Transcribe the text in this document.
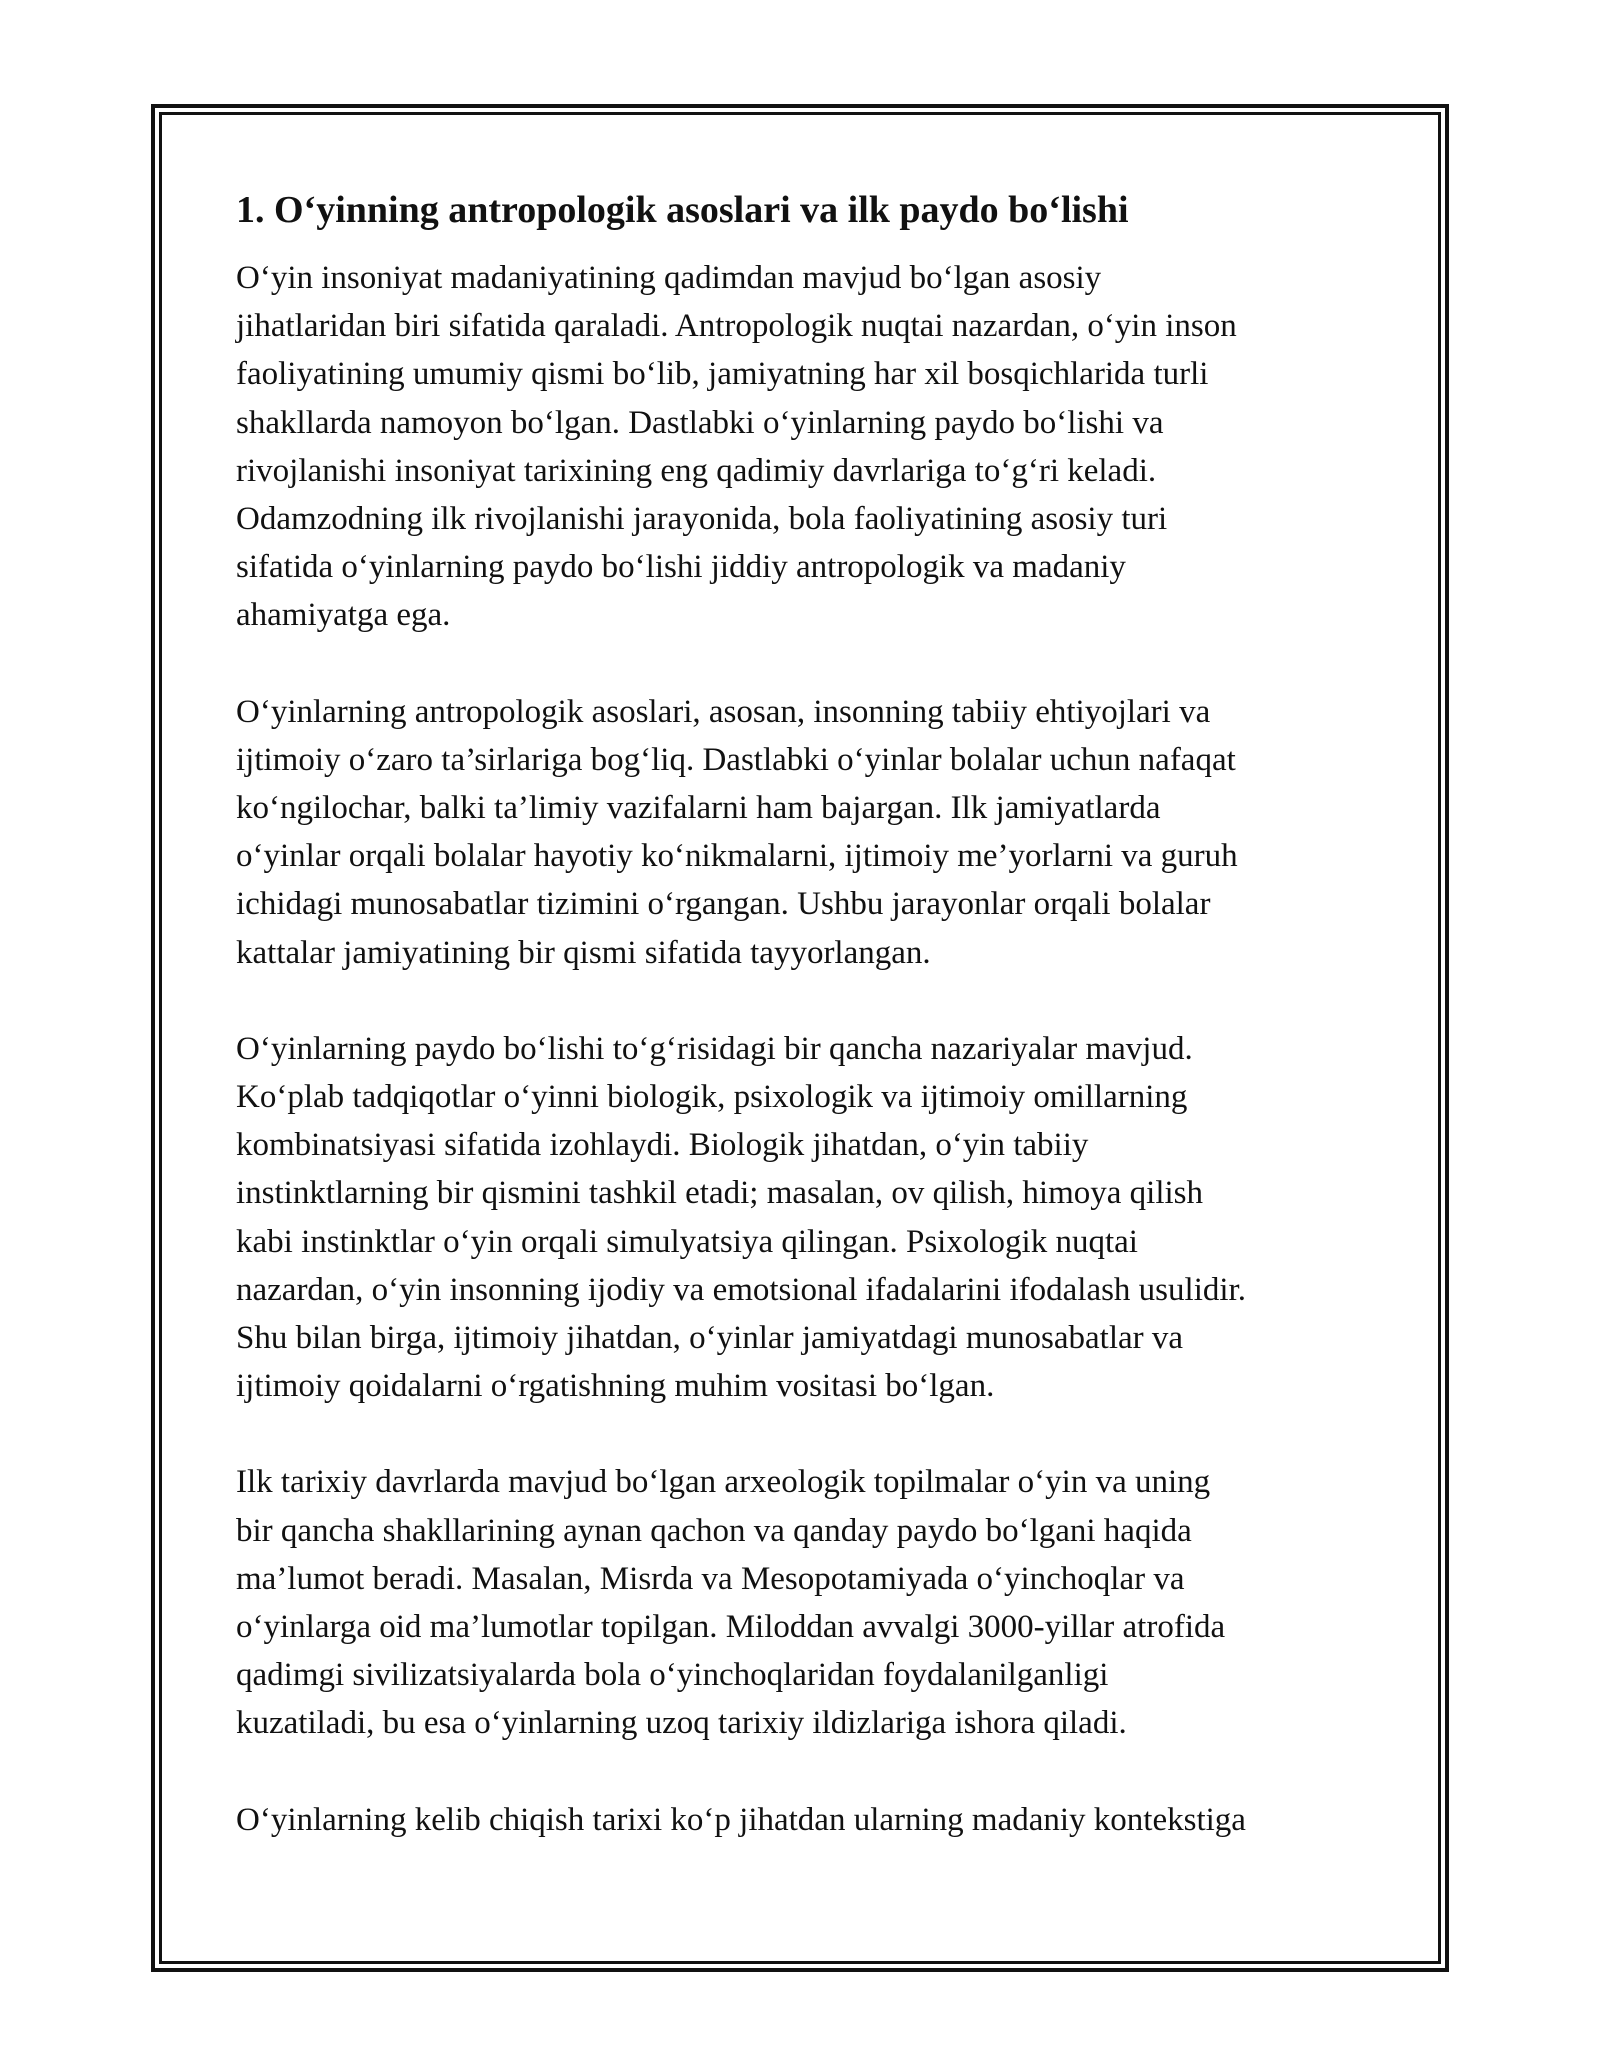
1. O‘yinning antropologik asoslari va ilk paydo bo‘lishi
O‘yin insoniyat madaniyatining qadimdan mavjud bo‘lgan asosiy
jihatlaridan biri sifatida qaraladi. Antropologik nuqtai nazardan, o‘yin inson
faoliyatining umumiy qismi bo‘lib, jamiyatning har xil bosqichlarida turli
shakllarda namoyon bo‘lgan. Dastlabki o‘yinlarning paydo bo‘lishi va
rivojlanishi insoniyat tarixining eng qadimiy davrlariga to‘g‘ri keladi.
Odamzodning ilk rivojlanishi jarayonida, bola faoliyatining asosiy turi
sifatida o‘yinlarning paydo bo‘lishi jiddiy antropologik va madaniy
ahamiyatga ega.
O‘yinlarning antropologik asoslari, asosan, insonning tabiiy ehtiyojlari va
ijtimoiy o‘zaro ta’sirlariga bog‘liq. Dastlabki o‘yinlar bolalar uchun nafaqat
ko‘ngilochar, balki ta’limiy vazifalarni ham bajargan. Ilk jamiyatlarda
o‘yinlar orqali bolalar hayotiy ko‘nikmalarni, ijtimoiy me’yorlarni va guruh
ichidagi munosabatlar tizimini o‘rgangan. Ushbu jarayonlar orqali bolalar
kattalar jamiyatining bir qismi sifatida tayyorlangan.
O‘yinlarning paydo bo‘lishi to‘g‘risidagi bir qancha nazariyalar mavjud.
Ko‘plab tadqiqotlar o‘yinni biologik, psixologik va ijtimoiy omillarning
kombinatsiyasi sifatida izohlaydi. Biologik jihatdan, o‘yin tabiiy
instinktlarning bir qismini tashkil etadi; masalan, ov qilish, himoya qilish
kabi instinktlar o‘yin orqali simulyatsiya qilingan. Psixologik nuqtai
nazardan, o‘yin insonning ijodiy va emotsional ifadalarini ifodalash usulidir.
Shu bilan birga, ijtimoiy jihatdan, o‘yinlar jamiyatdagi munosabatlar va
ijtimoiy qoidalarni o‘rgatishning muhim vositasi bo‘lgan.
Ilk tarixiy davrlarda mavjud bo‘lgan arxeologik topilmalar o‘yin va uning
bir qancha shakllarining aynan qachon va qanday paydo bo‘lgani haqida
ma’lumot beradi. Masalan, Misrda va Mesopotamiyada o‘yinchoqlar va
o‘yinlarga oid ma’lumotlar topilgan. Miloddan avvalgi 3000-yillar atrofida
qadimgi sivilizatsiyalarda bola o‘yinchoqlaridan foydalanilganligi
kuzatiladi, bu esa o‘yinlarning uzoq tarixiy ildizlariga ishora qiladi.
O‘yinlarning kelib chiqish tarixi ko‘p jihatdan ularning madaniy kontekstiga
